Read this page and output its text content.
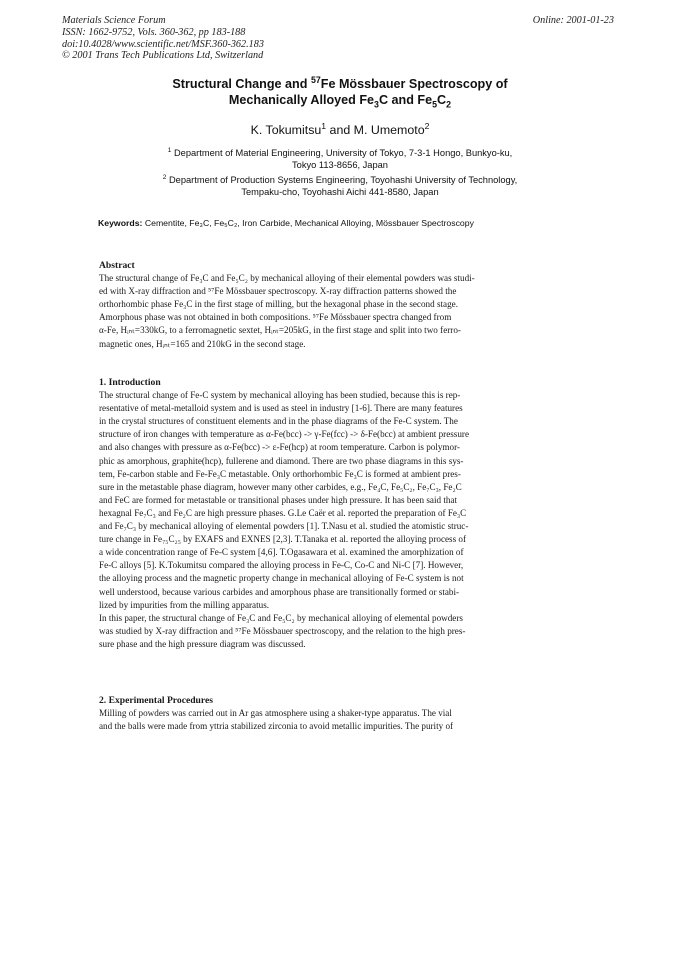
Materials Science Forum
ISSN: 1662-9752, Vols. 360-362, pp 183-188
doi:10.4028/www.scientific.net/MSF.360-362.183
© 2001 Trans Tech Publications Ltd, Switzerland
Online: 2001-01-23
Structural Change and $^{57}$Fe Mössbauer Spectroscopy of
Mechanically Alloyed $Fe_3C$ and $Fe_5C_2$
K. Tokumitsu$^1$ and M. Umemoto$^2$
$^1$ Department of Material Engineering, University of Tokyo, 7-3-1 Hongo, Bunkyo-ku,
Tokyo 113-8656, Japan
$^2$ Department of Production Systems Engineering, Toyohashi University of Technology,
Tempaku-cho, Toyohashi Aichi 441-8580, Japan
Keywords: Cementite, Fe₃C, Fe₅C₂, Iron Carbide, Mechanical Alloying, Mössbauer Spectroscopy
Abstract
The structural change of Fe₃C and Fe₅C₂ by mechanical alloying of their elemental powders was studi-
ed with X-ray diffraction and ⁵⁷Fe Mössbauer spectroscopy. X-ray diffraction patterns showed the
orthorhombic phase Fe₃C in the first stage of milling, but the hexagonal phase in the second stage.
Amorphous phase was not obtained in both compositions. ⁵⁷Fe Mössbauer spectra changed from
α-Fe, Hᵢₙₜ=330kG, to a ferromagnetic sextet, Hᵢₙₜ=205kG, in the first stage and split into two ferro-
magnetic ones, Hᵢₙₜ=165 and 210kG in the second stage.
1. Introduction
The structural change of Fe-C system by mechanical alloying has been studied, because this is rep-
resentative of metal-metalloid system and is used as steel in industry [1-6]. There are many features
in the crystal structures of constituent elements and in the phase diagrams of the Fe-C system. The
structure of iron changes with temperature as α-Fe(bcc) -> γ-Fe(fcc) -> δ-Fe(bcc) at ambient pressure
and also changes with pressure as α-Fe(bcc) -> ε-Fe(hcp) at room temperature. Carbon is polymor-
phic as amorphous, graphite(hcp), fullerene and diamond. There are two phase diagrams in this sys-
tem, Fe-carbon stable and Fe-Fe₃C metastable. Only orthorhombic Fe₃C is formed at ambient pres-
sure in the metastable phase diagram, however many other carbides, e.g., Fe₄C, Fe₅C₂, Fe₇C₃, Fe₂C
and FeC are formed for metastable or transitional phases under high pressure. It has been said that
hexagnal Fe₇C₃ and Fe₂C are high pressure phases. G.Le Caër et al. reported the preparation of Fe₃C
and Fe₇C₃ by mechanical alloying of elemental powders [1]. T.Nasu et al. studied the atomistic struc-
ture change in Fe₇₅C₂₅ by EXAFS and EXNES [2,3]. T.Tanaka et al. reported the alloying process of
a wide concentration range of Fe-C system [4,6]. T.Ogasawara et al. examined the amorphization of
Fe-C alloys [5]. K.Tokumitsu compared the alloying process in Fe-C, Co-C and Ni-C [7]. However,
the alloying process and the magnetic property change in mechanical alloying of Fe-C system is not
well understood, because various carbides and amorphous phase are transitionally formed or stabi-
lized by impurities from the milling apparatus.
In this paper, the structural change of Fe₃C and Fe₅C₂ by mechanical alloying of elemental powders
was studied by X-ray diffraction and ⁵⁷Fe Mössbauer spectroscopy, and the relation to the high pres-
sure phase and the high pressure diagram was discussed.
2. Experimental Procedures
Milling of powders was carried out in Ar gas atmosphere using a shaker-type apparatus. The vial
and the balls were made from yttria stabilized zirconia to avoid metallic impurities. The purity of
